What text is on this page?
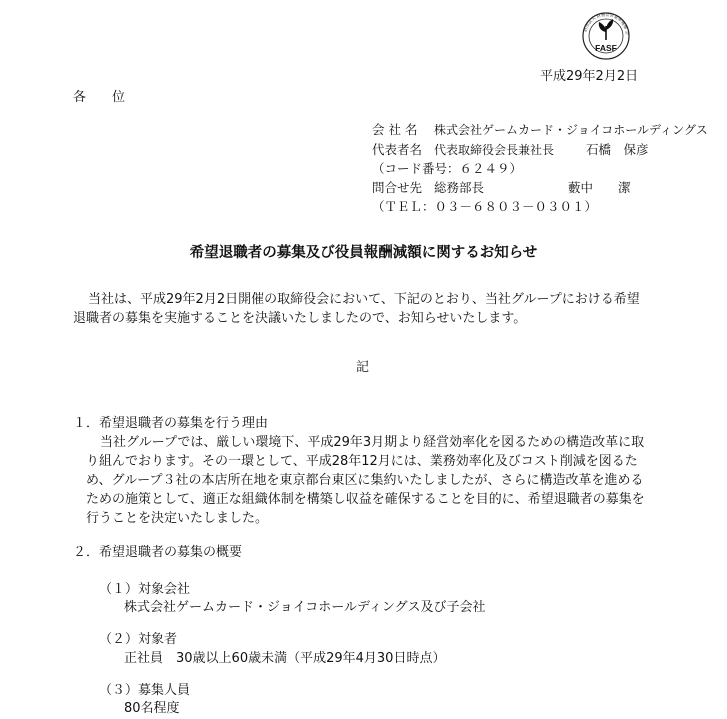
財団法人 財務会計基準機構 会
FASF
平成29年2月2日
各　　位
会 社 名 株式会社ゲームカード・ジョイコホールディングス
代表者名 代表取締役会長兼社長	石橋　保彦
（コード番号：６２４９）
問合せ先 総務部長	藪中　　潔
（ＴＥＬ：０３－６８０３－０３０１）
希望退職者の募集及び役員報酬減額に関するお知らせ
当社は、平成29年2月2日開催の取締役会において、下記のとおり、当社グループにおける希望
退職者の募集を実施することを決議いたしましたので、お知らせいたします。
記
１．希望退職者の募集を行う理由
当社グループでは、厳しい環境下、平成29年3月期より経営効率化を図るための構造改革に取
り組んでおります。その一環として、平成28年12月には、業務効率化及びコスト削減を図るた
め、グループ３社の本店所在地を東京都台東区に集約いたしましたが、さらに構造改革を進める
ための施策として、適正な組織体制を構築し収益を確保することを目的に、希望退職者の募集を
行うことを決定いたしました。
２．希望退職者の募集の概要
（１）対象会社
株式会社ゲームカード・ジョイコホールディングス及び子会社
（２）対象者
正社員　30歳以上60歳未満（平成29年4月30日時点）
（３）募集人員
80名程度
